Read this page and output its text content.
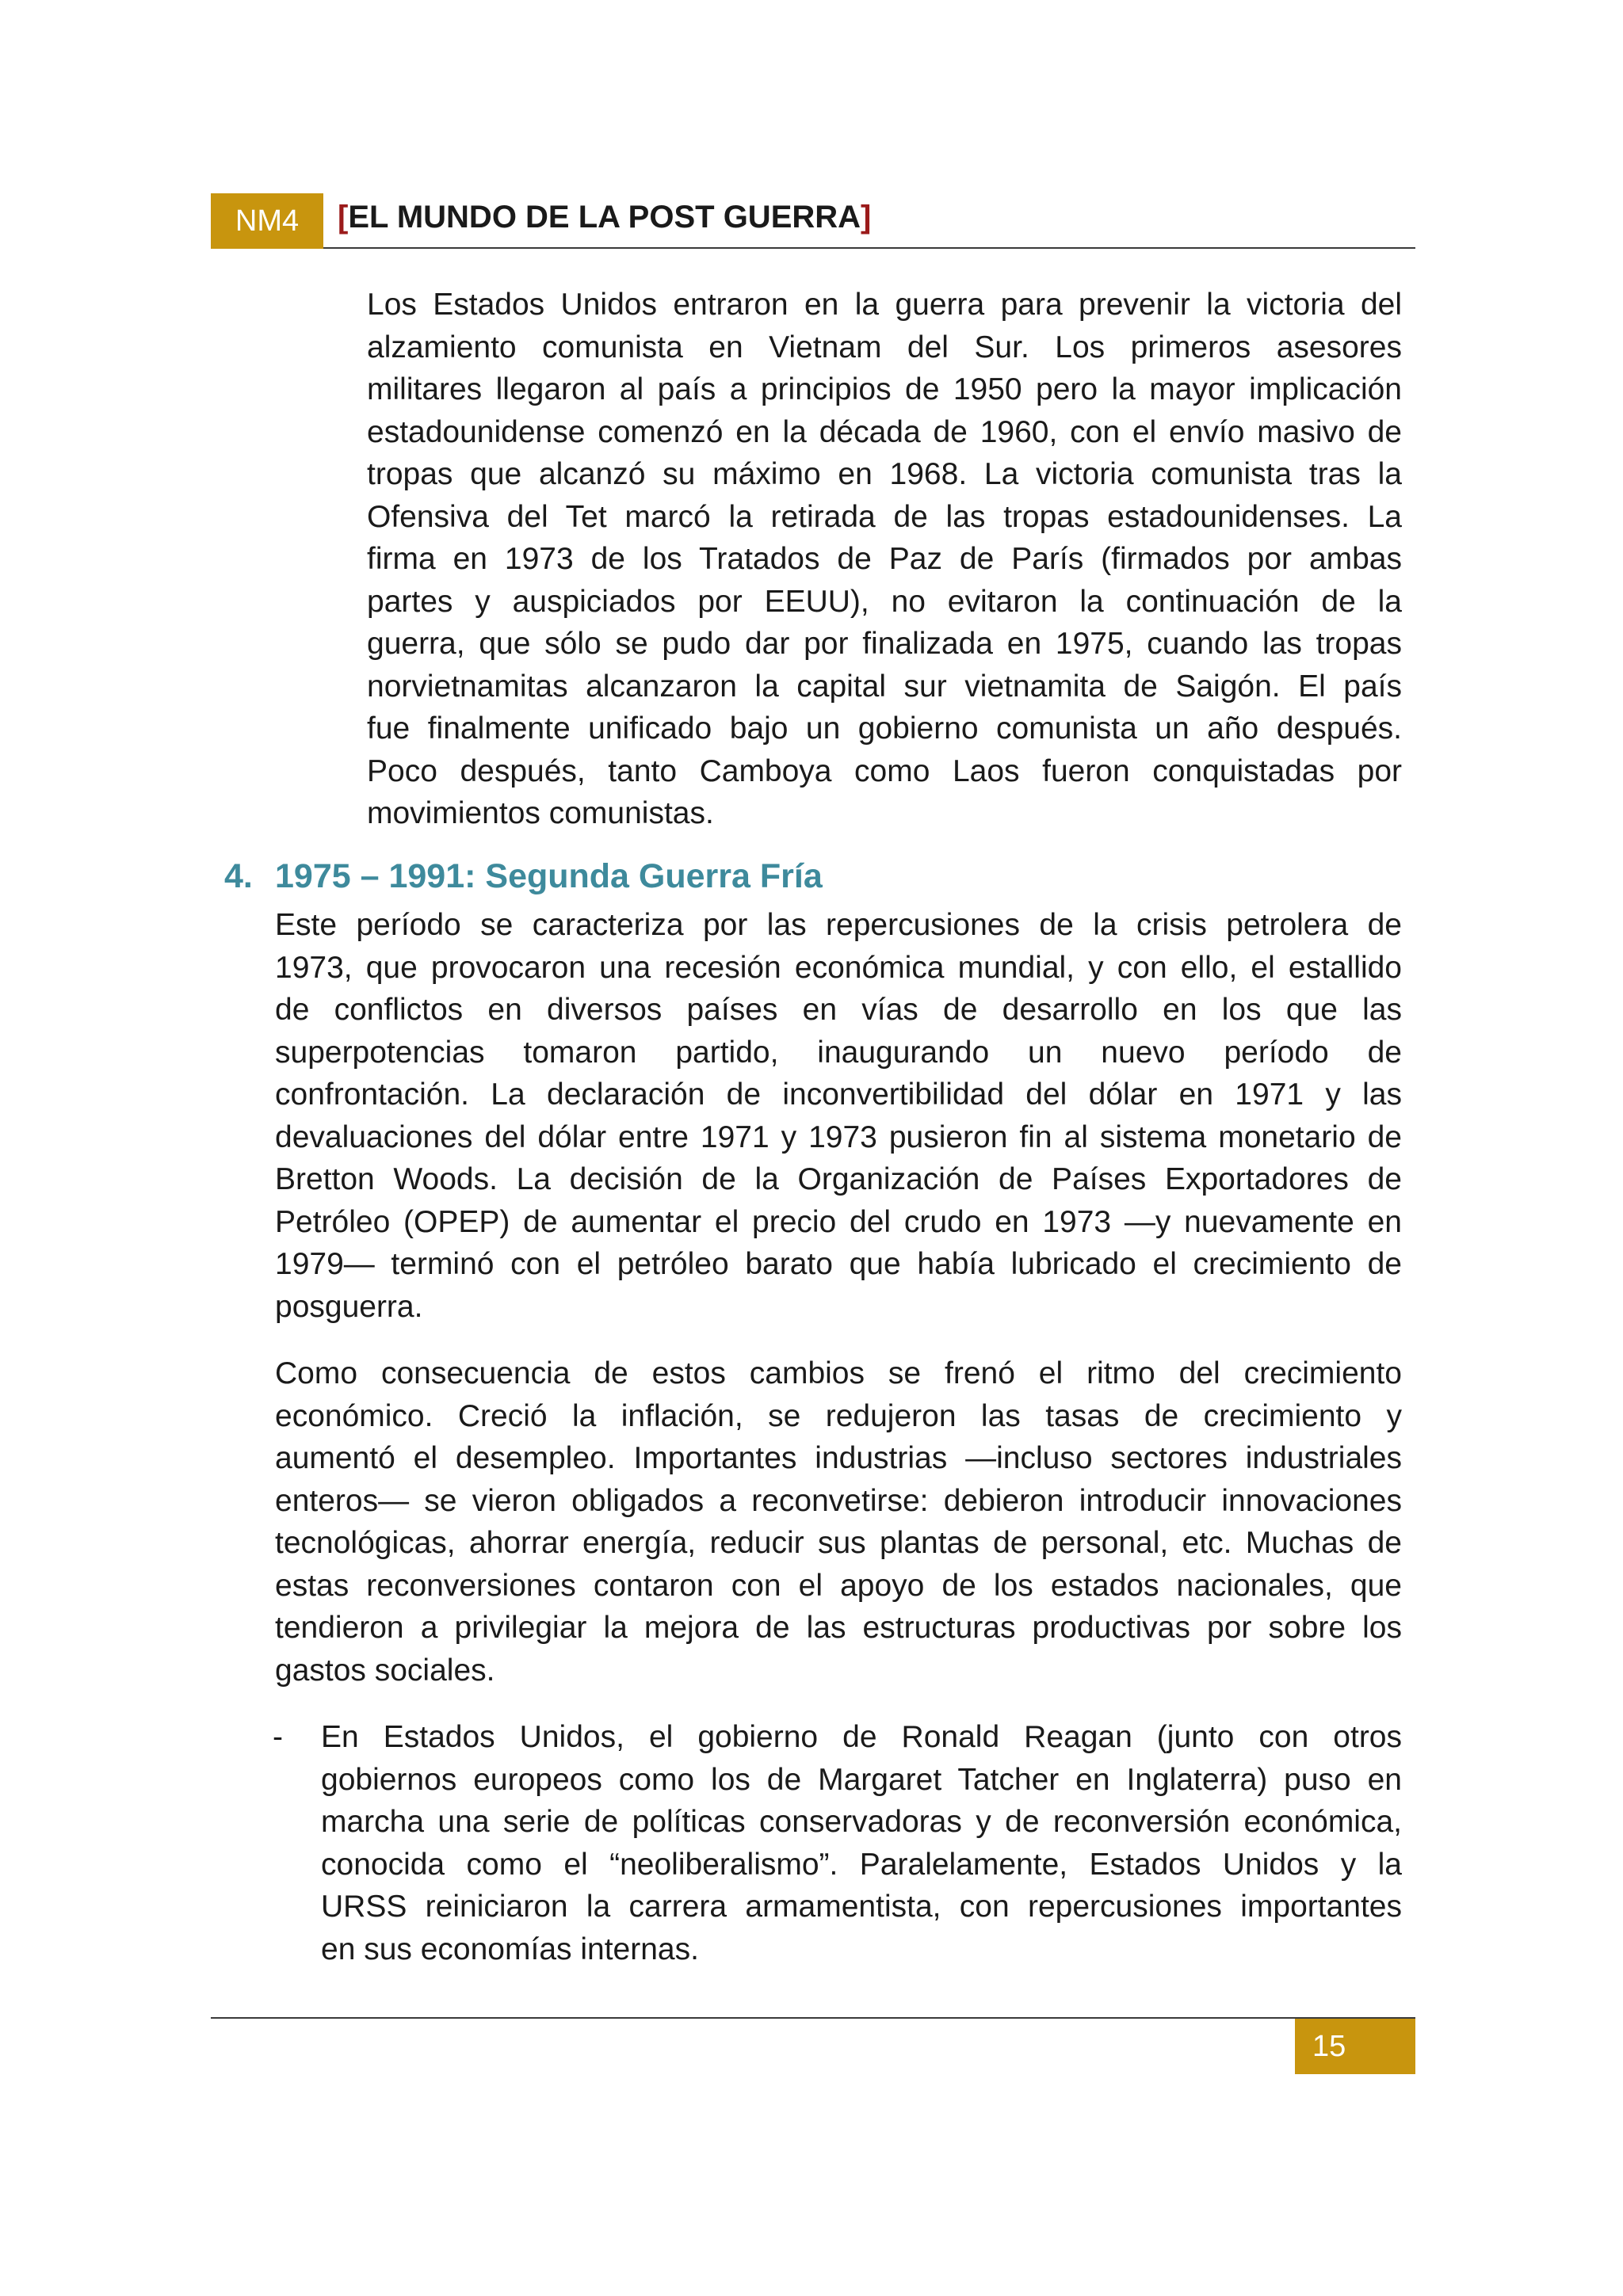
NM4	[EL MUNDO DE LA POST GUERRA]
Los Estados Unidos entraron en la guerra para prevenir la victoria del
alzamiento comunista en Vietnam del Sur. Los primeros asesores
militares llegaron al país a principios de 1950 pero la mayor implicación
estadounidense comenzó en la década de 1960, con el envío masivo de
tropas que alcanzó su máximo en 1968. La victoria comunista tras la
Ofensiva del Tet marcó la retirada de las tropas estadounidenses. La
firma en 1973 de los Tratados de Paz de París (firmados por ambas
partes y auspiciados por EEUU), no evitaron la continuación de la
guerra, que sólo se pudo dar por finalizada en 1975, cuando las tropas
norvietnamitas alcanzaron la capital sur vietnamita de Saigón. El país
fue finalmente unificado bajo un gobierno comunista un año después.
Poco después, tanto Camboya como Laos fueron conquistadas por
movimientos comunistas.
4. 1975 – 1991: Segunda Guerra Fría
Este período se caracteriza por las repercusiones de la crisis petrolera de
1973, que provocaron una recesión económica mundial, y con ello, el estallido
de conflictos en diversos países en vías de desarrollo en los que las
superpotencias tomaron partido, inaugurando un nuevo período de
confrontación. La declaración de inconvertibilidad del dólar en 1971 y las
devaluaciones del dólar entre 1971 y 1973 pusieron fin al sistema monetario de
Bretton Woods. La decisión de la Organización de Países Exportadores de
Petróleo (OPEP) de aumentar el precio del crudo en 1973 —y nuevamente en
1979— terminó con el petróleo barato que había lubricado el crecimiento de
posguerra.
Como consecuencia de estos cambios se frenó el ritmo del crecimiento
económico. Creció la inflación, se redujeron las tasas de crecimiento y
aumentó el desempleo. Importantes industrias —incluso sectores industriales
enteros— se vieron obligados a reconvetirse: debieron introducir innovaciones
tecnológicas, ahorrar energía, reducir sus plantas de personal, etc. Muchas de
estas reconversiones contaron con el apoyo de los estados nacionales, que
tendieron a privilegiar la mejora de las estructuras productivas por sobre los
gastos sociales.
- En Estados Unidos, el gobierno de Ronald Reagan (junto con otros
gobiernos europeos como los de Margaret Tatcher en Inglaterra) puso en
marcha una serie de políticas conservadoras y de reconversión económica,
conocida como el “neoliberalismo”. Paralelamente, Estados Unidos y la
URSS reiniciaron la carrera armamentista, con repercusiones importantes
en sus economías internas.
15
